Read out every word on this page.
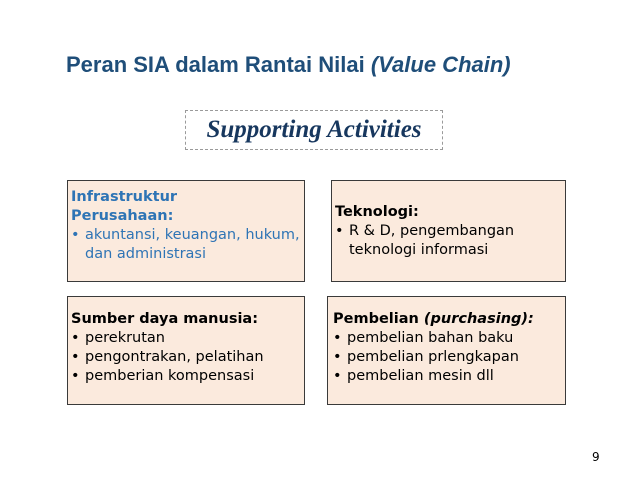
Peran SIA dalam Rantai Nilai (Value Chain)
Supporting Activities
Infrastruktur
Perusahaan:
• akuntansi, keuangan, hukum, dan administrasi
Teknologi:
• R & D, pengembangan teknologi informasi
Sumber daya manusia:
• perekrutan
• pengontrakan, pelatihan
• pemberian kompensasi
Pembelian (purchasing):
• pembelian bahan baku
• pembelian prlengkapan
• pembelian mesin dll
9
